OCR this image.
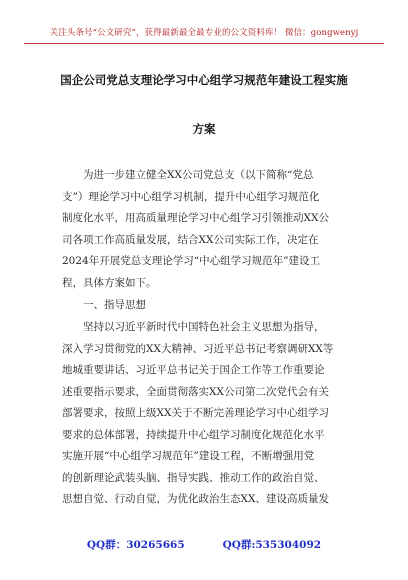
关注头条号“公文研究”，获得最新最全最专业的公文资料库！ 微信：gongwenyj
国企公司党总支理论学习中心组学习规范年建设工程实施
方案
为进一步建立健全XX公司党总支（以下简称“党总
支”）理论学习中心组学习机制，提升中心组学习规范化
制度化水平，用高质量理论学习中心组学习引领推动XX公
司各项工作高质量发展，结合XX公司实际工作，决定在
2024年开展党总支理论学习“中心组学习规范年”建设工
程，具体方案如下。
一、指导思想
坚持以习近平新时代中国特色社会主义思想为指导，
深入学习贯彻党的XX大精神、习近平总书记考察调研XX等
地城重要讲话、习近平总书记关于国企工作等工作重要论
述重要指示要求，全面贯彻落实XX公司第二次党代会有关
部署要求，按照上级XX关于不断完善理论学习中心组学习
要求的总体部署，持续提升中心组学习制度化规范化水平
实施开展“中心组学习规范年”建设工程，不断增强用党
的创新理论武装头脑、指导实践、推动工作的政治自觉、
思想自觉、行动自觉，为优化政治生态XX、建设高质量发
QQ群：30265665	QQ群:535304092
